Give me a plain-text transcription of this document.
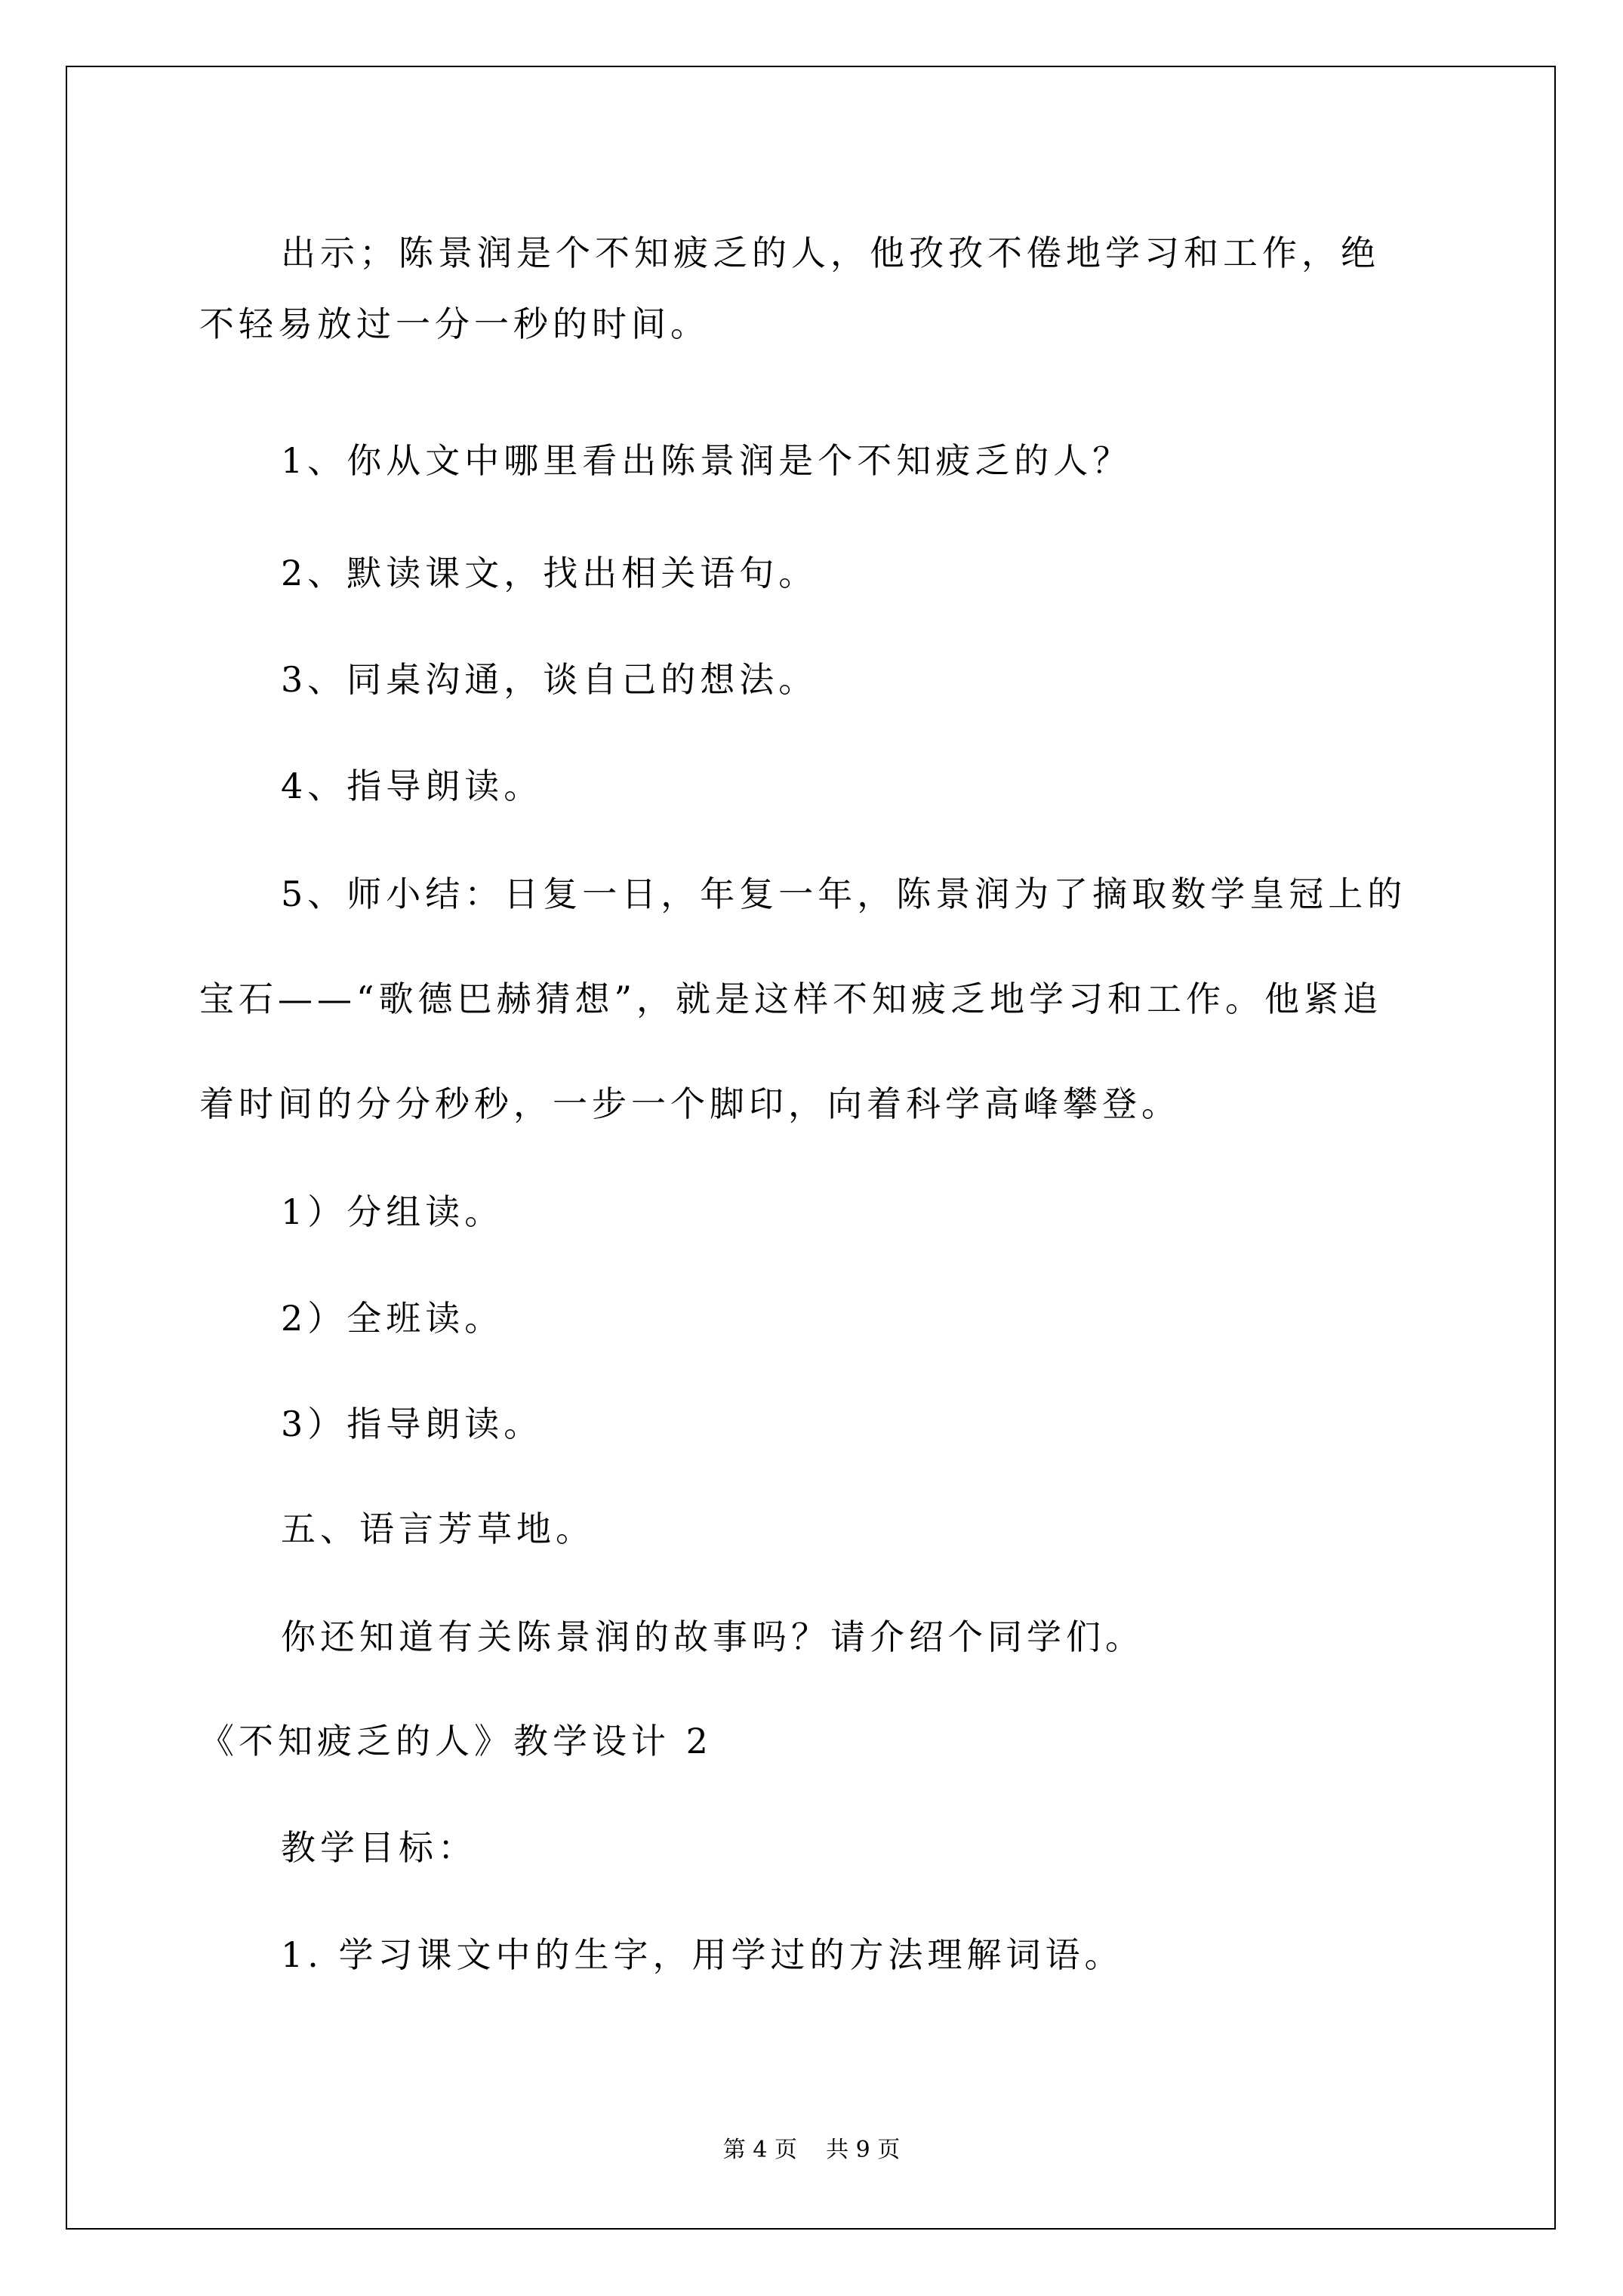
出示；陈景润是个不知疲乏的人，他孜孜不倦地学习和工作，绝
不轻易放过一分一秒的时间。
1、你从文中哪里看出陈景润是个不知疲乏的人？
2、默读课文，找出相关语句。
3、同桌沟通，谈自己的想法。
4、指导朗读。
5、师小结：日复一日，年复一年，陈景润为了摘取数学皇冠上的
宝石——“歌德巴赫猜想”，就是这样不知疲乏地学习和工作。他紧追
着时间的分分秒秒，一步一个脚印，向着科学高峰攀登。
1）分组读。
2）全班读。
3）指导朗读。
五、语言芳草地。
你还知道有关陈景润的故事吗？请介绍个同学们。
《不知疲乏的人》教学设计 2
教学目标：
1. 学习课文中的生字，用学过的方法理解词语。
第 4 页    共 9 页
